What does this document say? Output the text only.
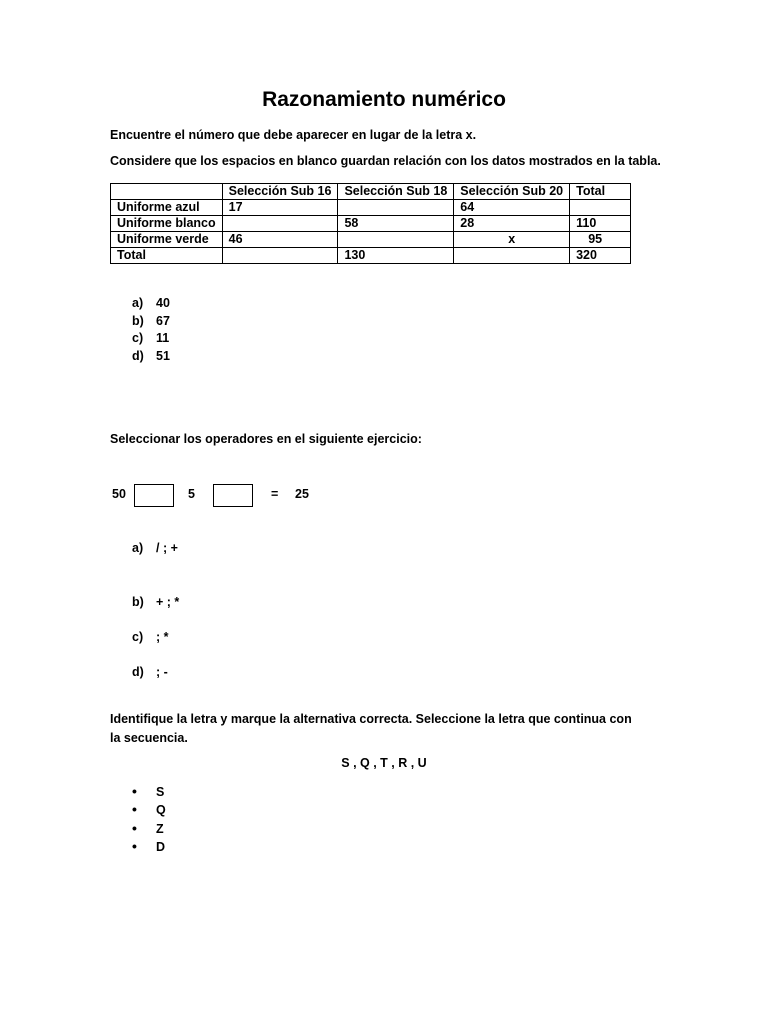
Razonamiento numérico
Encuentre el número que debe aparecer en lugar de la letra x.
Considere que los espacios en blanco guardan relación con los datos mostrados en la tabla.
	Selección Sub 16	Selección Sub 18	Selección Sub 20	Total
Uniforme azul	17		64	
Uniforme blanco		58	28	110
Uniforme verde	46		x	95
Total		130		320
a) 40
b) 67
c) 11
d) 51
Seleccionar los operadores en el siguiente ejercicio:
50	5	= 25
a) / ; +
b) + ; *
c) ; *
d) ; -
Identifique la letra y marque la alternativa correcta. Seleccione la letra que continua con la secuencia.
S , Q , T , R , U
• S
• Q
• Z
• D
